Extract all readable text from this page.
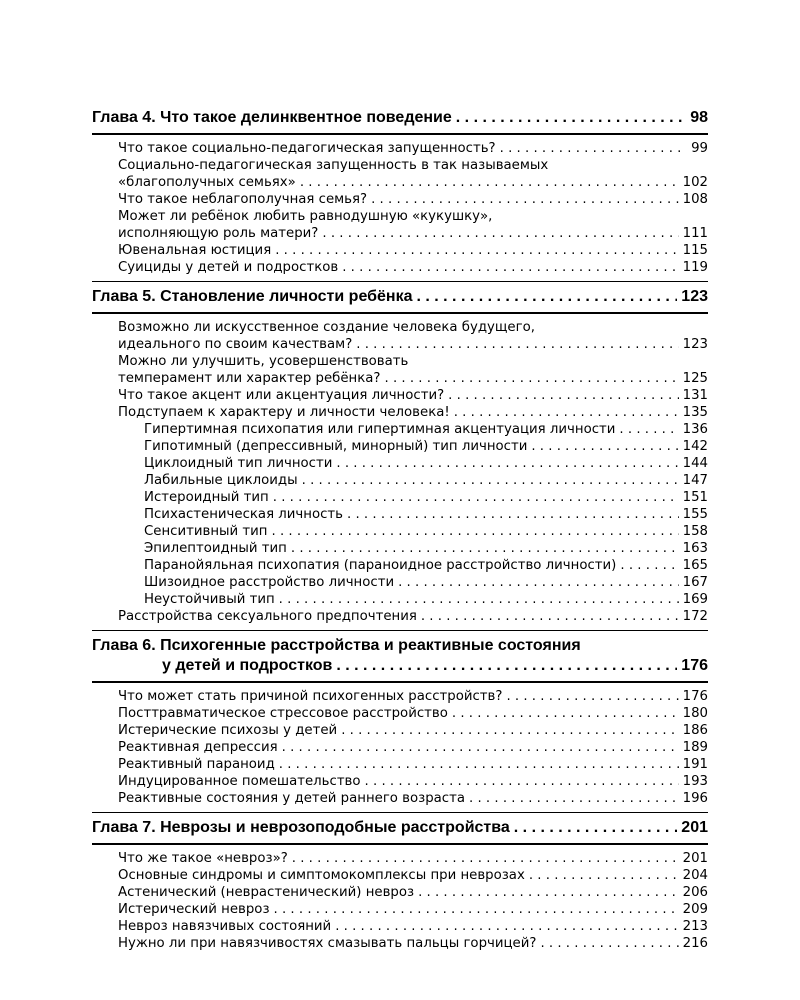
Глава 4. Что такое делинквентное поведение . . .	98
Что такое социально-педагогическая запущенность? . . .	99
Социально-педагогическая запущенность в так называемых
«благополучных семьях» . . .	102
Что такое неблагополучная семья? . . .	108
Может ли ребёнок любить равнодушную «кукушку»,
исполняющую роль матери? . . .	111
Ювенальная юстиция . . .	115
Суициды у детей и подростков . . .	119
Глава 5. Становление личности ребёнка . . .	123
Возможно ли искусственное создание человека будущего,
идеального по своим качествам? . . .	123
Можно ли улучшить, усовершенствовать
темперамент или характер ребёнка? . . .	125
Что такое акцент или акцентуация личности? . . .	131
Подступаем к характеру и личности человека! . . .	135
Гипертимная психопатия или гипертимная акцентуация личности . . .	136
Гипотимный (депрессивный, минорный) тип личности . . .	142
Циклоидный тип личности . . .	144
Лабильные циклоиды . . .	147
Истероидный тип . . .	151
Психастеническая личность . . .	155
Сенситивный тип . . .	158
Эпилептоидный тип . . .	163
Паранойяльная психопатия (параноидное расстройство личности) . . .	165
Шизоидное расстройство личности . . .	167
Неустойчивый тип . . .	169
Расстройства сексуального предпочтения . . .	172
Глава 6. Психогенные расстройства и реактивные состояния
у детей и подростков . . .	176
Что может стать причиной психогенных расстройств? . . .	176
Посттравматическое стрессовое расстройство . . .	180
Истерические психозы у детей . . .	186
Реактивная депрессия . . .	189
Реактивный параноид . . .	191
Индуцированное помешательство . . .	193
Реактивные состояния у детей раннего возраста . . .	196
Глава 7. Неврозы и неврозоподобные расстройства . . .	201
Что же такое «невроз»? . . .	201
Основные синдромы и симптомокомплексы при неврозах . . .	204
Астенический (неврастенический) невроз . . .	206
Истерический невроз . . .	209
Невроз навязчивых состояний . . .	213
Нужно ли при навязчивостях смазывать пальцы горчицей? . . .	216
